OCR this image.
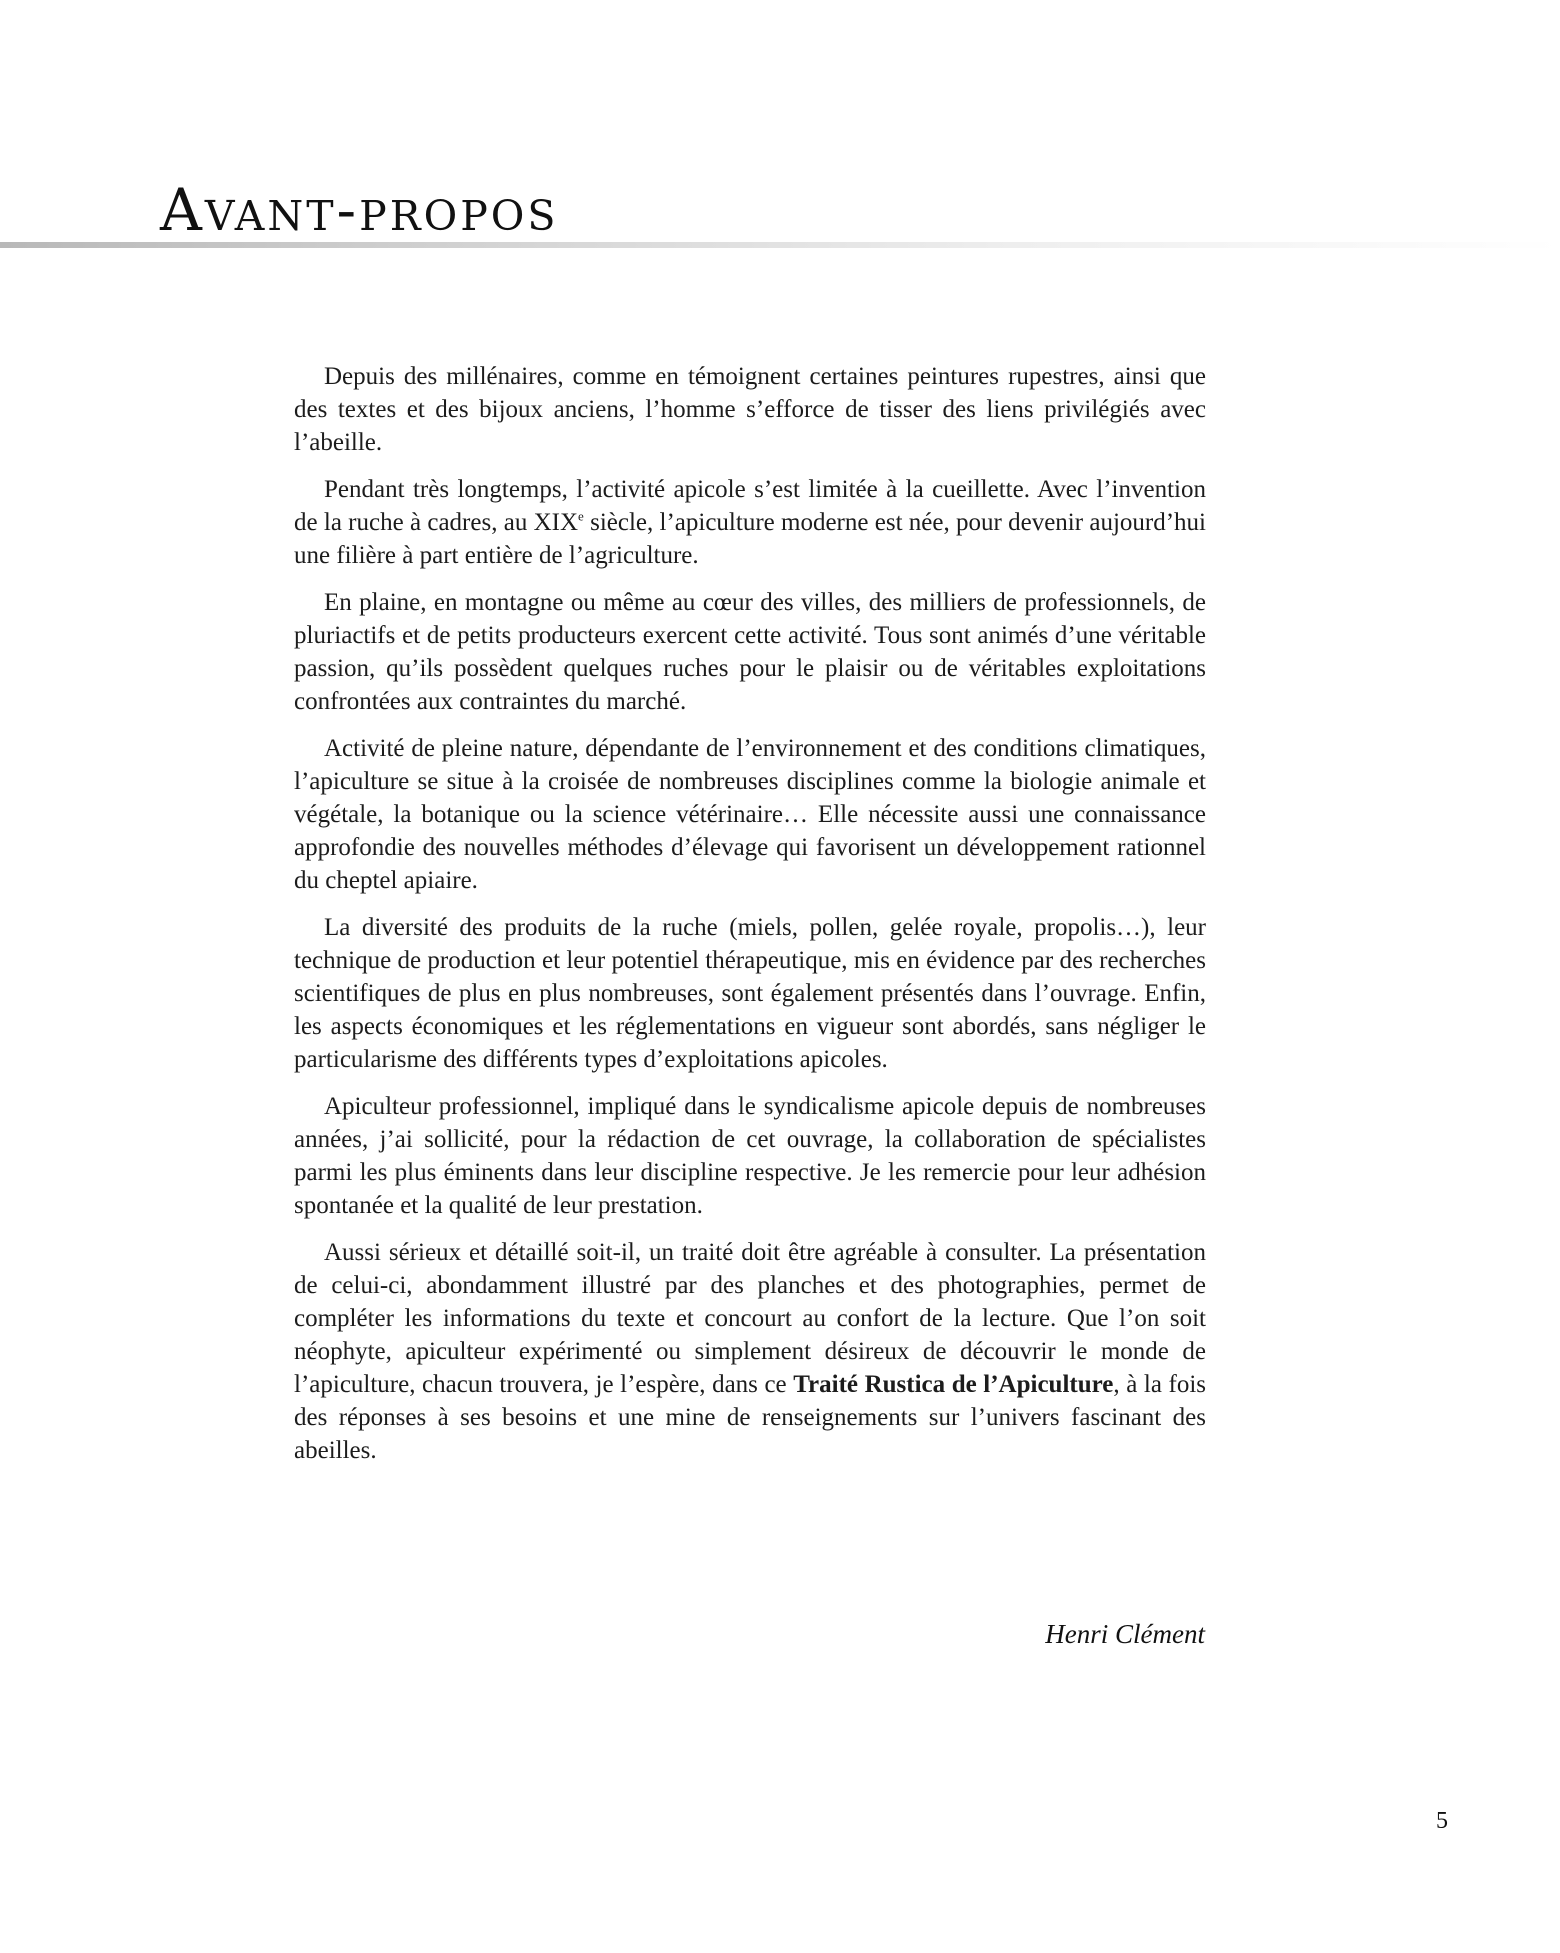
Avant-propos

Depuis des millénaires, comme en témoignent certaines peintures rupestres, ainsi que des textes et des bijoux anciens, l’homme s’efforce de tisser des liens privilégiés avec l’abeille.

Pendant très longtemps, l’activité apicole s’est limitée à la cueillette. Avec l’invention de la ruche à cadres, au XIXe siècle, l’apiculture moderne est née, pour devenir aujourd’hui une filière à part entière de l’agriculture.

En plaine, en montagne ou même au cœur des villes, des milliers de professionnels, de pluriactifs et de petits producteurs exercent cette activité. Tous sont animés d’une véritable passion, qu’ils possèdent quelques ruches pour le plaisir ou de véritables exploitations confrontées aux contraintes du marché.

Activité de pleine nature, dépendante de l’environnement et des conditions climatiques, l’apiculture se situe à la croisée de nombreuses disciplines comme la biologie animale et végétale, la botanique ou la science vétérinaire… Elle nécessite aussi une connaissance approfondie des nouvelles méthodes d’élevage qui favorisent un développement rationnel du cheptel apiaire.

La diversité des produits de la ruche (miels, pollen, gelée royale, propolis…), leur technique de production et leur potentiel thérapeutique, mis en évidence par des recherches scientifiques de plus en plus nombreuses, sont également présentés dans l’ouvrage. Enfin, les aspects économiques et les réglementations en vigueur sont abordés, sans négliger le particularisme des différents types d’exploitations apicoles.

Apiculteur professionnel, impliqué dans le syndicalisme apicole depuis de nombreuses années, j’ai sollicité, pour la rédaction de cet ouvrage, la collaboration de spécialistes parmi les plus éminents dans leur discipline respective. Je les remercie pour leur adhésion spontanée et la qualité de leur prestation.

Aussi sérieux et détaillé soit-il, un traité doit être agréable à consulter. La présentation de celui-ci, abondamment illustré par des planches et des photographies, permet de compléter les informations du texte et concourt au confort de la lecture. Que l’on soit néophyte, apiculteur expérimenté ou simplement désireux de découvrir le monde de l’apiculture, chacun trouvera, je l’espère, dans ce Traité Rustica de l’Apiculture, à la fois des réponses à ses besoins et une mine de renseignements sur l’univers fascinant des abeilles.

Henri Clément

5
